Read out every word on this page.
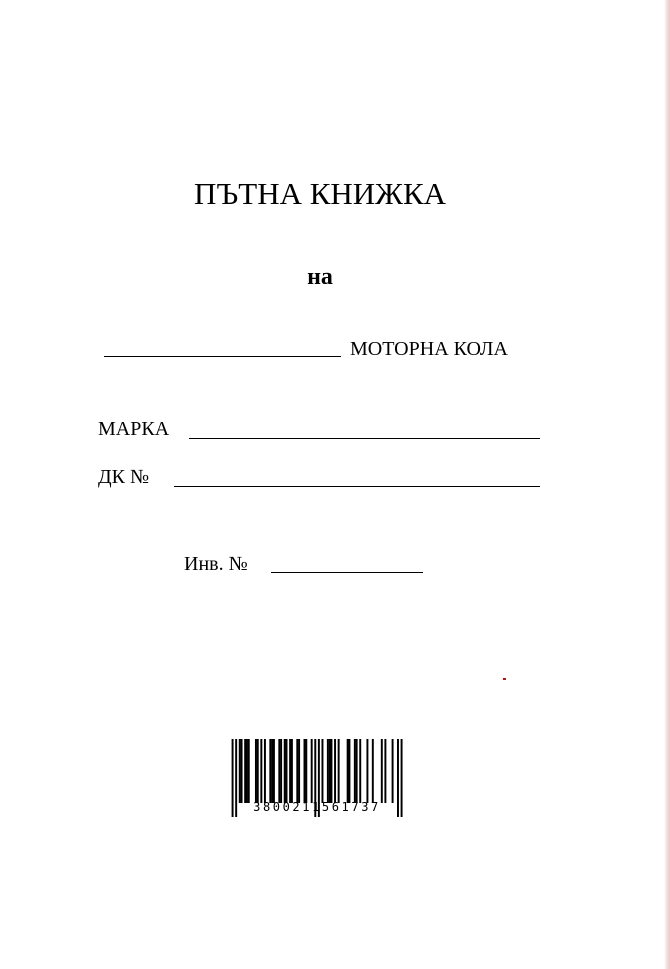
ПЪТНА КНИЖКА
на
МОТОРНА КОЛА
МАРКА
ДК №
Инв. №
3800211561737
